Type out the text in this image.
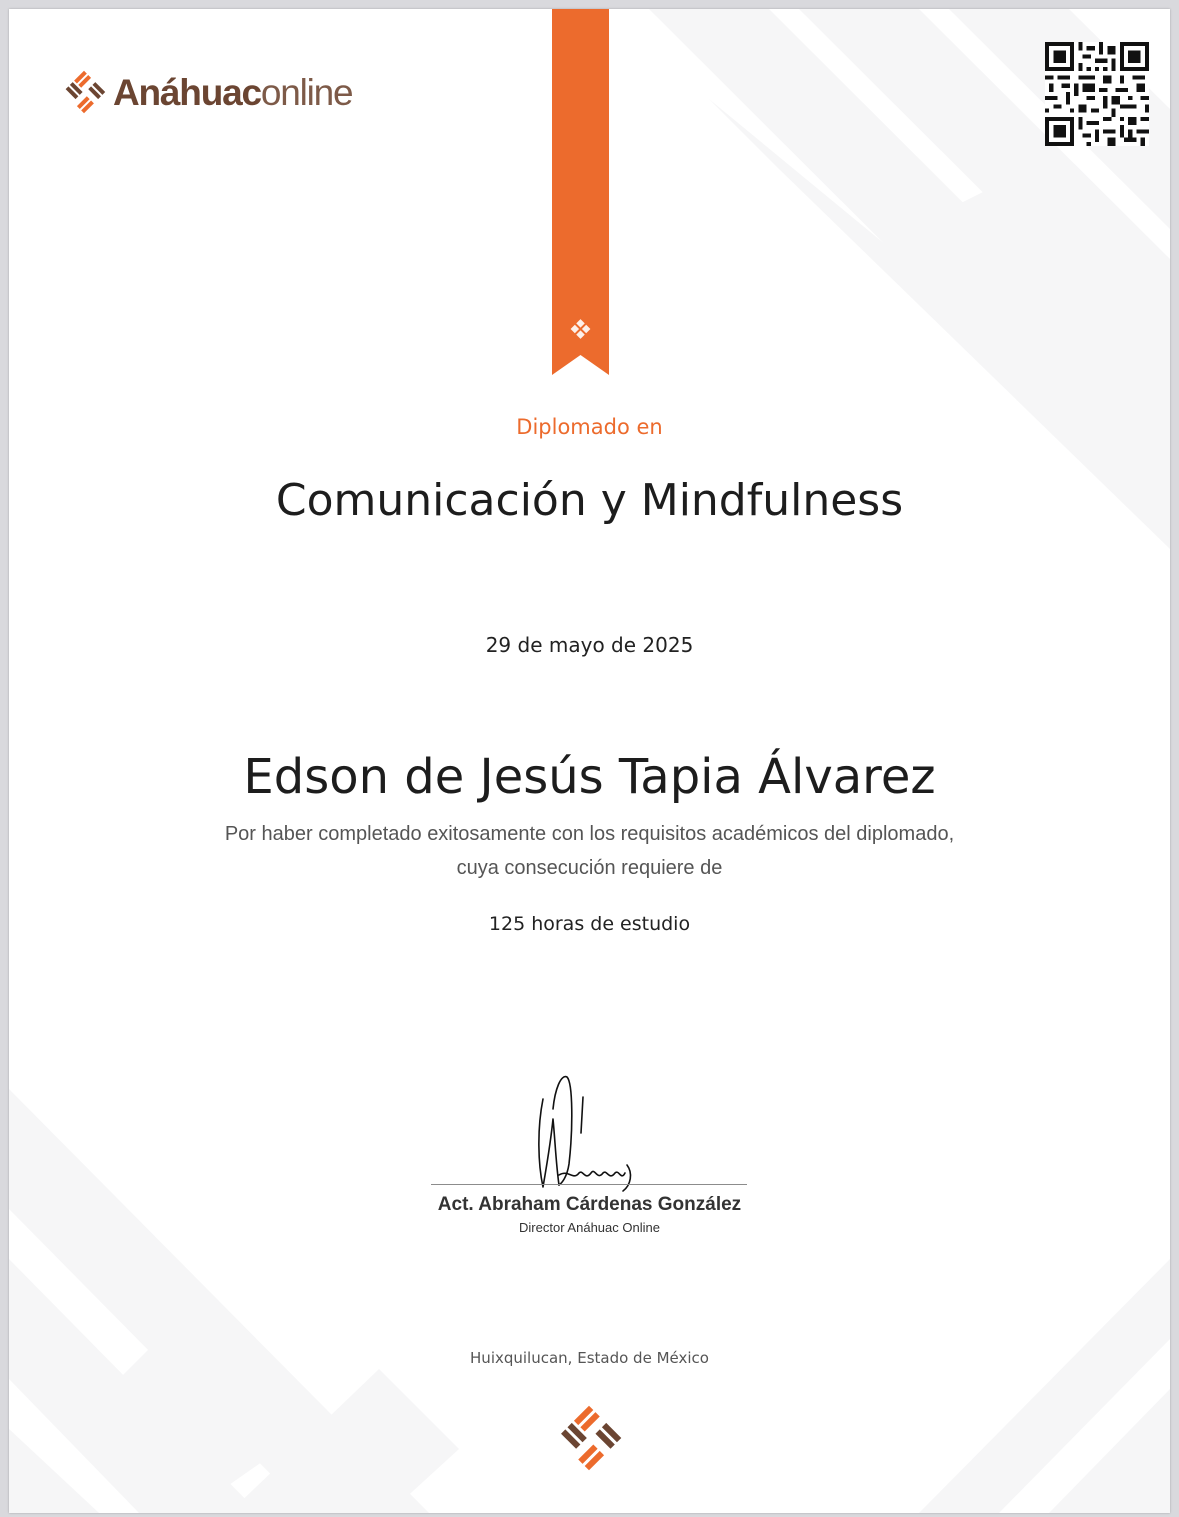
Anáhuaconline
Diplomado en
Comunicación y Mindfulness
29 de mayo de 2025
Edson de Jesús Tapia Álvarez
Por haber completado exitosamente con los requisitos académicos del diplomado,
cuya consecución requiere de
125 horas de estudio
Act. Abraham Cárdenas González
Director Anáhuac Online
Huixquilucan, Estado de México
